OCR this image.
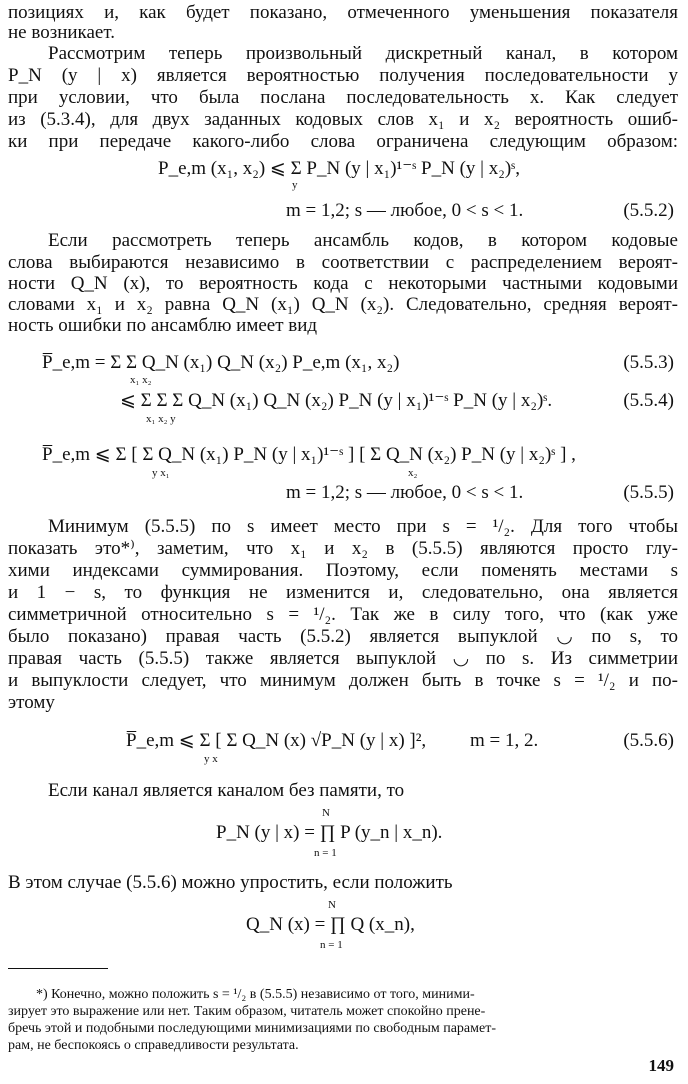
позициях и, как будет показано, отмеченного уменьшения показателя
не возникает.
Рассмотрим теперь произвольный дискретный канал, в котором
P_N (y | x) является вероятностью получения последовательности y
при условии, что была послана последовательность x. Как следует
из (5.3.4), для двух заданных кодовых слов x₁ и x₂ вероятность ошиб-
ки при передаче какого-либо слова ограничена следующим образом:
P_e,m (x₁, x₂) ⩽ Σ P_N (y | x₁)¹⁻ˢ P_N (y | x₂)ˢ,
y
m = 1,2; s — любое, 0 < s < 1.	(5.5.2)
Если рассмотреть теперь ансамбль кодов, в котором кодовые
слова выбираются независимо в соответствии с распределением вероят-
ности Q_N (x), то вероятность кода с некоторыми частными кодовыми
словами x₁ и x₂ равна Q_N (x₁) Q_N (x₂). Следовательно, средняя вероят-
ность ошибки по ансамблю имеет вид
P̅_e,m = Σ Σ Q_N (x₁) Q_N (x₂) P_e,m (x₁, x₂)
x₁ x₂
(5.5.3)
⩽ Σ Σ Σ Q_N (x₁) Q_N (x₂) P_N (y | x₁)¹⁻ˢ P_N (y | x₂)ˢ.
x₁ x₂ y
(5.5.4)
P̅_e,m ⩽ Σ [ Σ Q_N (x₁) P_N (y | x₁)¹⁻ˢ ] [ Σ Q_N (x₂) P_N (y | x₂)ˢ ] ,
y x₁	x₂
m = 1,2; s — любое, 0 < s < 1.	(5.5.5)
Минимум (5.5.5) по s имеет место при s = ¹/₂. Для того чтобы
показать это*⁾, заметим, что x₁ и x₂ в (5.5.5) являются просто глу-
хими индексами суммирования. Поэтому, если поменять местами s
и 1 − s, то функция не изменится и, следовательно, она является
симметричной относительно s = ¹/₂. Так же в силу того, что (как уже
было показано) правая часть (5.5.2) является выпуклой ◡ по s, то
правая часть (5.5.5) также является выпуклой ◡ по s. Из симметрии
и выпуклости следует, что минимум должен быть в точке s = ¹/₂ и по-
этому
P̅_e,m ⩽ Σ [ Σ Q_N (x) √P_N (y | x) ]²,
y x
m = 1, 2.	(5.5.6)
Если канал является каналом без памяти, то
N
P_N (y | x) = ∏ P (y_n | x_n).
n = 1
В этом случае (5.5.6) можно упростить, если положить
N
Q_N (x) = ∏ Q (x_n),
n = 1
*) Конечно, можно положить s = ¹/₂ в (5.5.5) независимо от того, миними-
зирует это выражение или нет. Таким образом, читатель может спокойно прене-
бречь этой и подобными последующими минимизациями по свободным парамет-
рам, не беспокоясь о справедливости результата.
149
